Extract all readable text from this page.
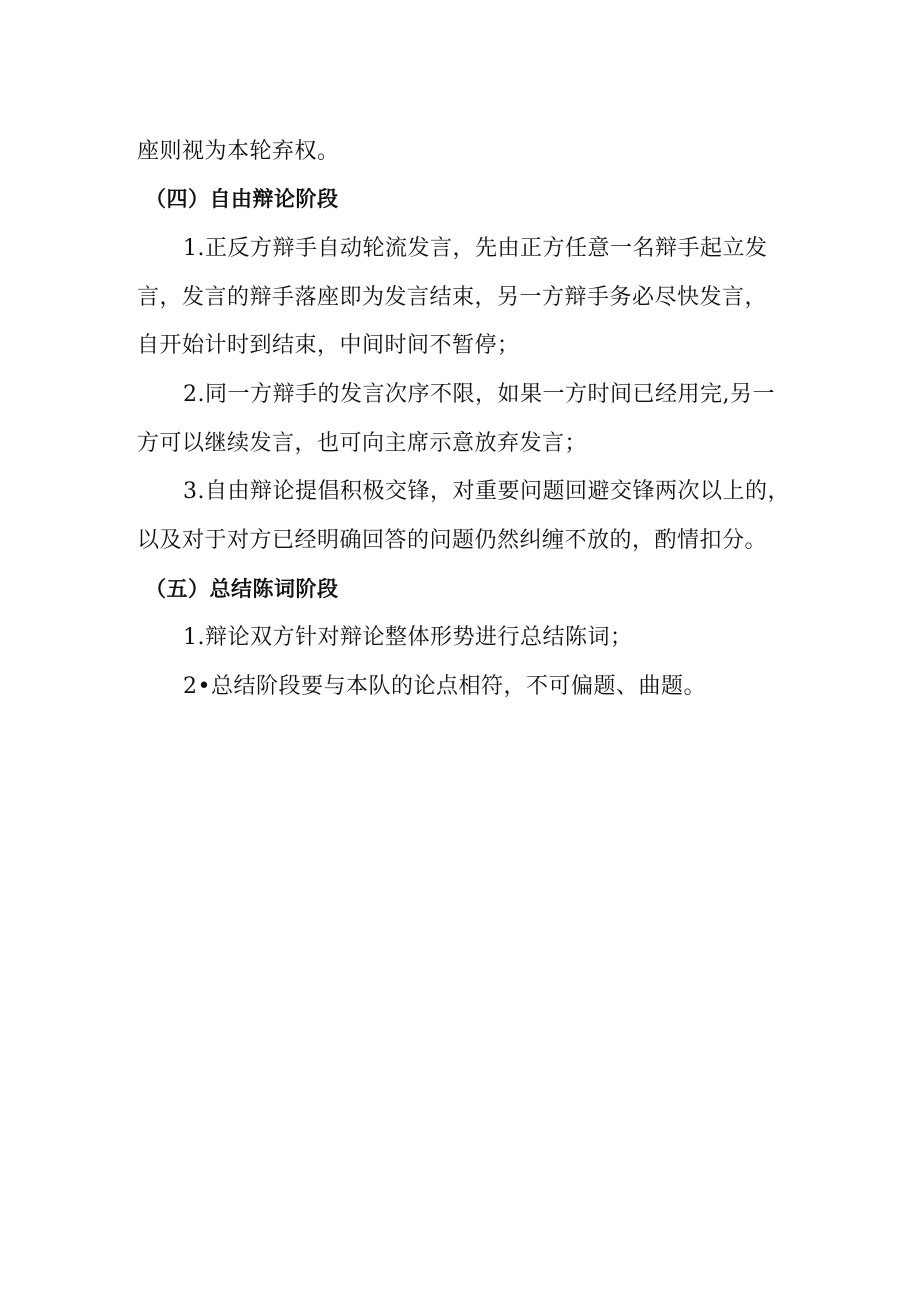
座则视为本轮弃权。
（四）自由辩论阶段
1.正反方辩手自动轮流发言，先由正方任意一名辩手起立发
言，发言的辩手落座即为发言结束，另一方辩手务必尽快发言，
自开始计时到结束，中间时间不暂停；
2.同一方辩手的发言次序不限，如果一方时间已经用完,另一
方可以继续发言，也可向主席示意放弃发言；
3.自由辩论提倡积极交锋，对重要问题回避交锋两次以上的，
以及对于对方已经明确回答的问题仍然纠缠不放的，酌情扣分。
（五）总结陈词阶段
1.辩论双方针对辩论整体形势进行总结陈词；
2•总结阶段要与本队的论点相符，不可偏题、曲题。
